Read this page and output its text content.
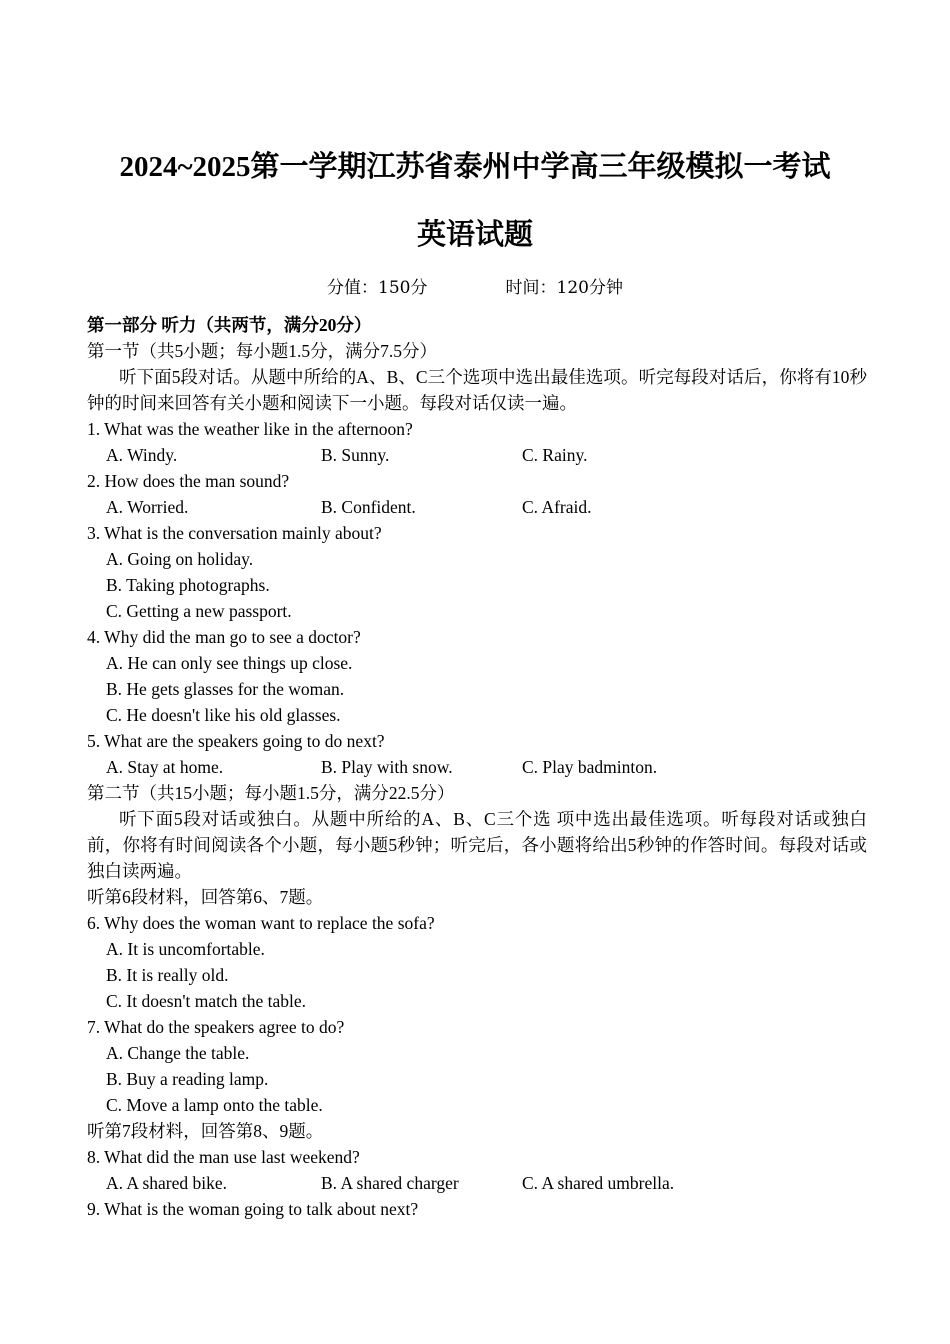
2024~2025第一学期江苏省泰州中学高三年级模拟一考试
英语试题
分值：150分	时间：120分钟
第一部分 听力（共两节，满分20分）
第一节（共5小题；每小题1.5分，满分7.5分）
听下面5段对话。从题中所给的A、B、C三个选项中选出最佳选项。听完每段对话后，你将有10秒钟的时间来回答有关小题和阅读下一小题。每段对话仅读一遍。
1. What was the weather like in the afternoon?
A. Windy.	B. Sunny.	C. Rainy.
2. How does the man sound?
A. Worried.	B. Confident.	C. Afraid.
3. What is the conversation mainly about?
A. Going on holiday.
B. Taking photographs.
C. Getting a new passport.
4. Why did the man go to see a doctor?
A. He can only see things up close.
B. He gets glasses for the woman.
C. He doesn't like his old glasses.
5. What are the speakers going to do next?
A. Stay at home.	B. Play with snow.	C. Play badminton.
第二节（共15小题；每小题1.5分，满分22.5分）
听下面5段对话或独白。从题中所给的A、B、C三个选 项中选出最佳选项。听每段对话或独白前，你将有时间阅读各个小题，每小题5秒钟；听完后，各小题将给出5秒钟的作答时间。每段对话或独白读两遍。
听第6段材料，回答第6、7题。
6. Why does the woman want to replace the sofa?
A. It is uncomfortable.
B. It is really old.
C. It doesn't match the table.
7. What do the speakers agree to do?
A. Change the table.
B. Buy a reading lamp.
C. Move a lamp onto the table.
听第7段材料，回答第8、9题。
8. What did the man use last weekend?
A. A shared bike.	B. A shared charger	C. A shared umbrella.
9. What is the woman going to talk about next?
